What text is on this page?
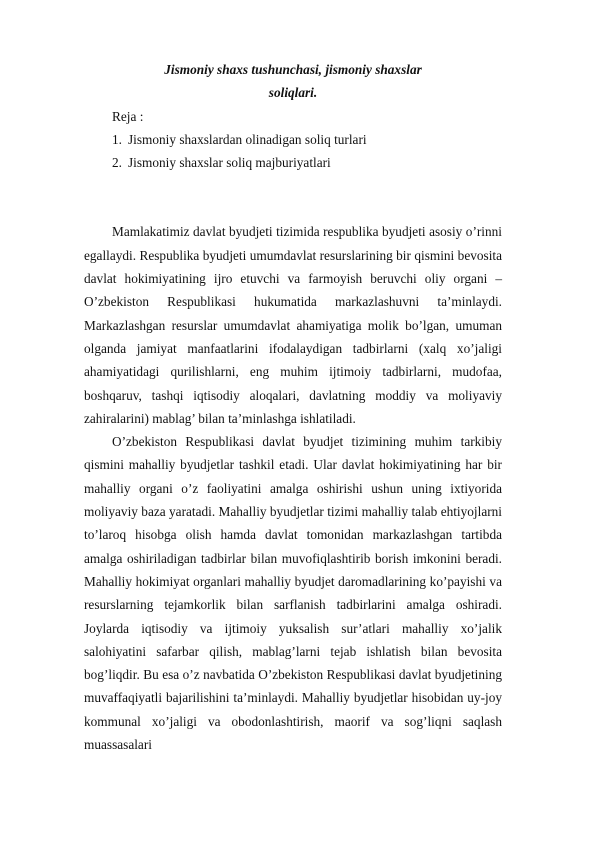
Jismoniy shaxs tushunchasi, jismoniy shaxslar
soliqlari.
Reja :
1. Jismoniy shaxslardan olinadigan soliq turlari
2. Jismoniy shaxslar soliq majburiyatlari

Mamlakatimiz davlat byudjeti tizimida respublika byudjeti asosiy o’rinni egallaydi. Respublika byudjeti umumdavlat resurslarining bir qismini bevosita davlat hokimiyatining ijro etuvchi va farmoyish beruvchi oliy organi – O’zbekiston Respublikasi hukumatida markazlashuvni ta’minlaydi. Markazlashgan resurslar umumdavlat ahamiyatiga molik bo’lgan, umuman olganda jamiyat manfaatlarini ifodalaydigan tadbirlarni (xalq xo’jaligi ahamiyatidagi qurilishlarni, eng muhim ijtimoiy tadbirlarni, mudofaa, boshqaruv, tashqi iqtisodiy aloqalari, davlatning moddiy va moliyaviy zahiralarini) mablag’ bilan ta’minlashga ishlatiladi.

O’zbekiston Respublikasi davlat byudjet tizimining muhim tarkibiy qismini mahalliy byudjetlar tashkil etadi. Ular davlat hokimiyatining har bir mahalliy organi o’z faoliyatini amalga oshirishi ushun uning ixtiyorida moliyaviy baza yaratadi. Mahalliy byudjetlar tizimi mahalliy talab ehtiyojlarni to’laroq hisobga olish hamda davlat tomonidan markazlashgan tartibda amalga oshiriladigan tadbirlar bilan muvofiqlashtirib borish imkonini beradi. Mahalliy hokimiyat organlari mahalliy byudjet daromadlarining ko’payishi va resurslarning tejamkorlik bilan sarflanish tadbirlarini amalga oshiradi. Joylarda iqtisodiy va ijtimoiy yuksalish sur’atlari mahalliy xo’jalik salohiyatini safarbar qilish, mablag’larni tejab ishlatish bilan bevosita bog’liqdir. Bu esa o’z navbatida O’zbekiston Respublikasi davlat byudjetining muvaffaqiyatli bajarilishini ta’minlaydi. Mahalliy byudjetlar hisobidan uy-joy kommunal xo’jaligi va obodonlashtirish, maorif va sog’liqni saqlash muassasalari
